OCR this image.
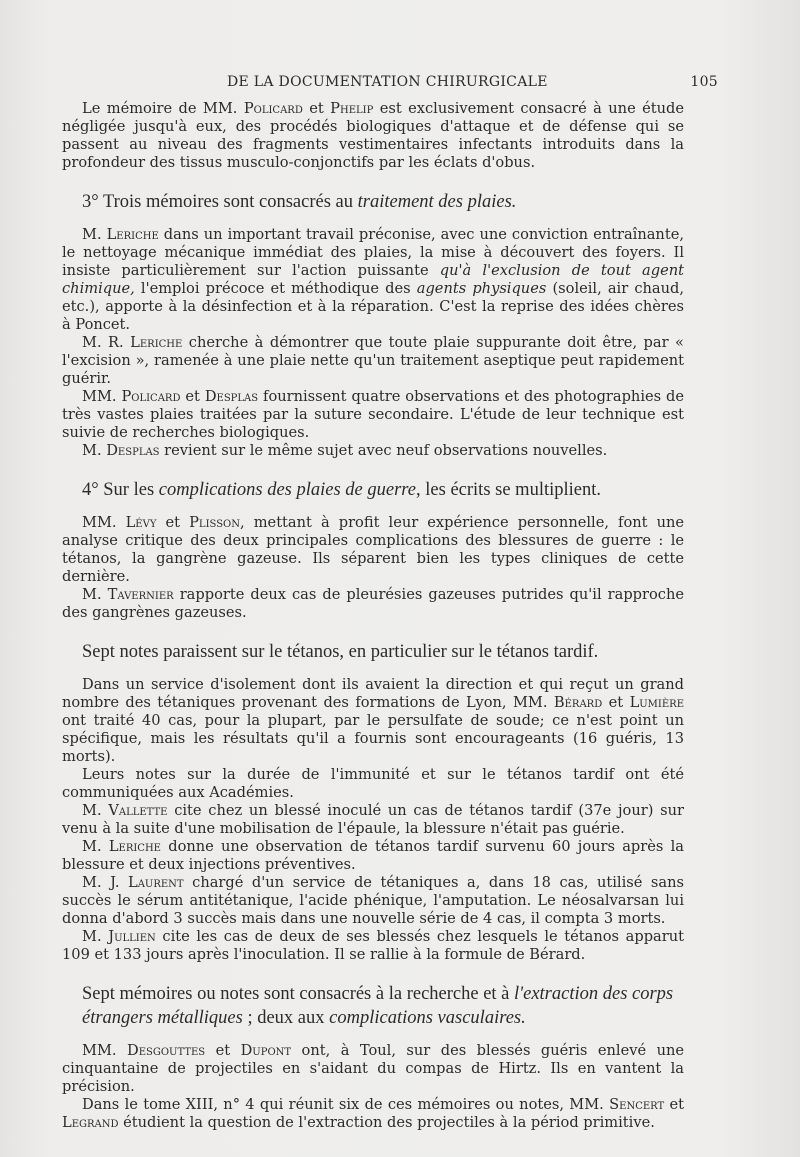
DE LA DOCUMENTATION CHIRURGICALE	105

Le mémoire de MM. Policard et Phelip est exclusivement consacré à une étude négligée jusqu'à eux, des procédés biologiques d'attaque et de défense qui se passent au niveau des fragments vestimentaires infectants introduits dans la profondeur des tissus musculo-conjonctifs par les éclats d'obus.

3° Trois mémoires sont consacrés au traitement des plaies.

M. Leriche dans un important travail préconise, avec une conviction entraînante, le nettoyage mécanique immédiat des plaies, la mise à découvert des foyers. Il insiste particulièrement sur l'action puissante qu'à l'exclusion de tout agent chimique, l'emploi précoce et méthodique des agents physiques (soleil, air chaud, etc.), apporte à la désinfection et à la réparation. C'est la reprise des idées chères à Poncet.

M. R. Leriche cherche à démontrer que toute plaie suppurante doit être, par « l'excision », ramenée à une plaie nette qu'un traitement aseptique peut rapidement guérir.

MM. Policard et Desplas fournissent quatre observations et des photographies de très vastes plaies traitées par la suture secondaire. L'étude de leur technique est suivie de recherches biologiques.

M. Desplas revient sur le même sujet avec neuf observations nouvelles.

4° Sur les complications des plaies de guerre, les écrits se multiplient.

MM. Lévy et Plisson, mettant à profit leur expérience personnelle, font une analyse critique des deux principales complications des blessures de guerre : le tétanos, la gangrène gazeuse. Ils séparent bien les types cliniques de cette dernière.

M. Tavernier rapporte deux cas de pleurésies gazeuses putrides qu'il rapproche des gangrènes gazeuses.

Sept notes paraissent sur le tétanos, en particulier sur le tétanos tardif.

Dans un service d'isolement dont ils avaient la direction et qui reçut un grand nombre des tétaniques provenant des formations de Lyon, MM. Bérard et Lumière ont traité 40 cas, pour la plupart, par le persulfate de soude; ce n'est point un spécifique, mais les résultats qu'il a fournis sont encourageants (16 guéris, 13 morts).

Leurs notes sur la durée de l'immunité et sur le tétanos tardif ont été communiquées aux Académies.

M. Vallette cite chez un blessé inoculé un cas de tétanos tardif (37e jour) sur venu à la suite d'une mobilisation de l'épaule, la blessure n'était pas guérie.

M. Leriche donne une observation de tétanos tardif survenu 60 jours après la blessure et deux injections préventives.

M. J. Laurent chargé d'un service de tétaniques a, dans 18 cas, utilisé sans succès le sérum antitétanique, l'acide phénique, l'amputation. Le néosalvarsan lui donna d'abord 3 succès mais dans une nouvelle série de 4 cas, il compta 3 morts.

M. Jullien cite les cas de deux de ses blessés chez lesquels le tétanos apparut 109 et 133 jours après l'inoculation. Il se rallie à la formule de Bérard.

Sept mémoires ou notes sont consacrés à la recherche et à l'extraction des corps étrangers métalliques ; deux aux complications vasculaires.

MM. Desgouttes et Dupont ont, à Toul, sur des blessés guéris enlevé une cinquantaine de projectiles en s'aidant du compas de Hirtz. Ils en vantent la précision.

Dans le tome XIII, n° 4 qui réunit six de ces mémoires ou notes, MM. Sencert et Legrand étudient la question de l'extraction des projectiles à la périod primitive.
